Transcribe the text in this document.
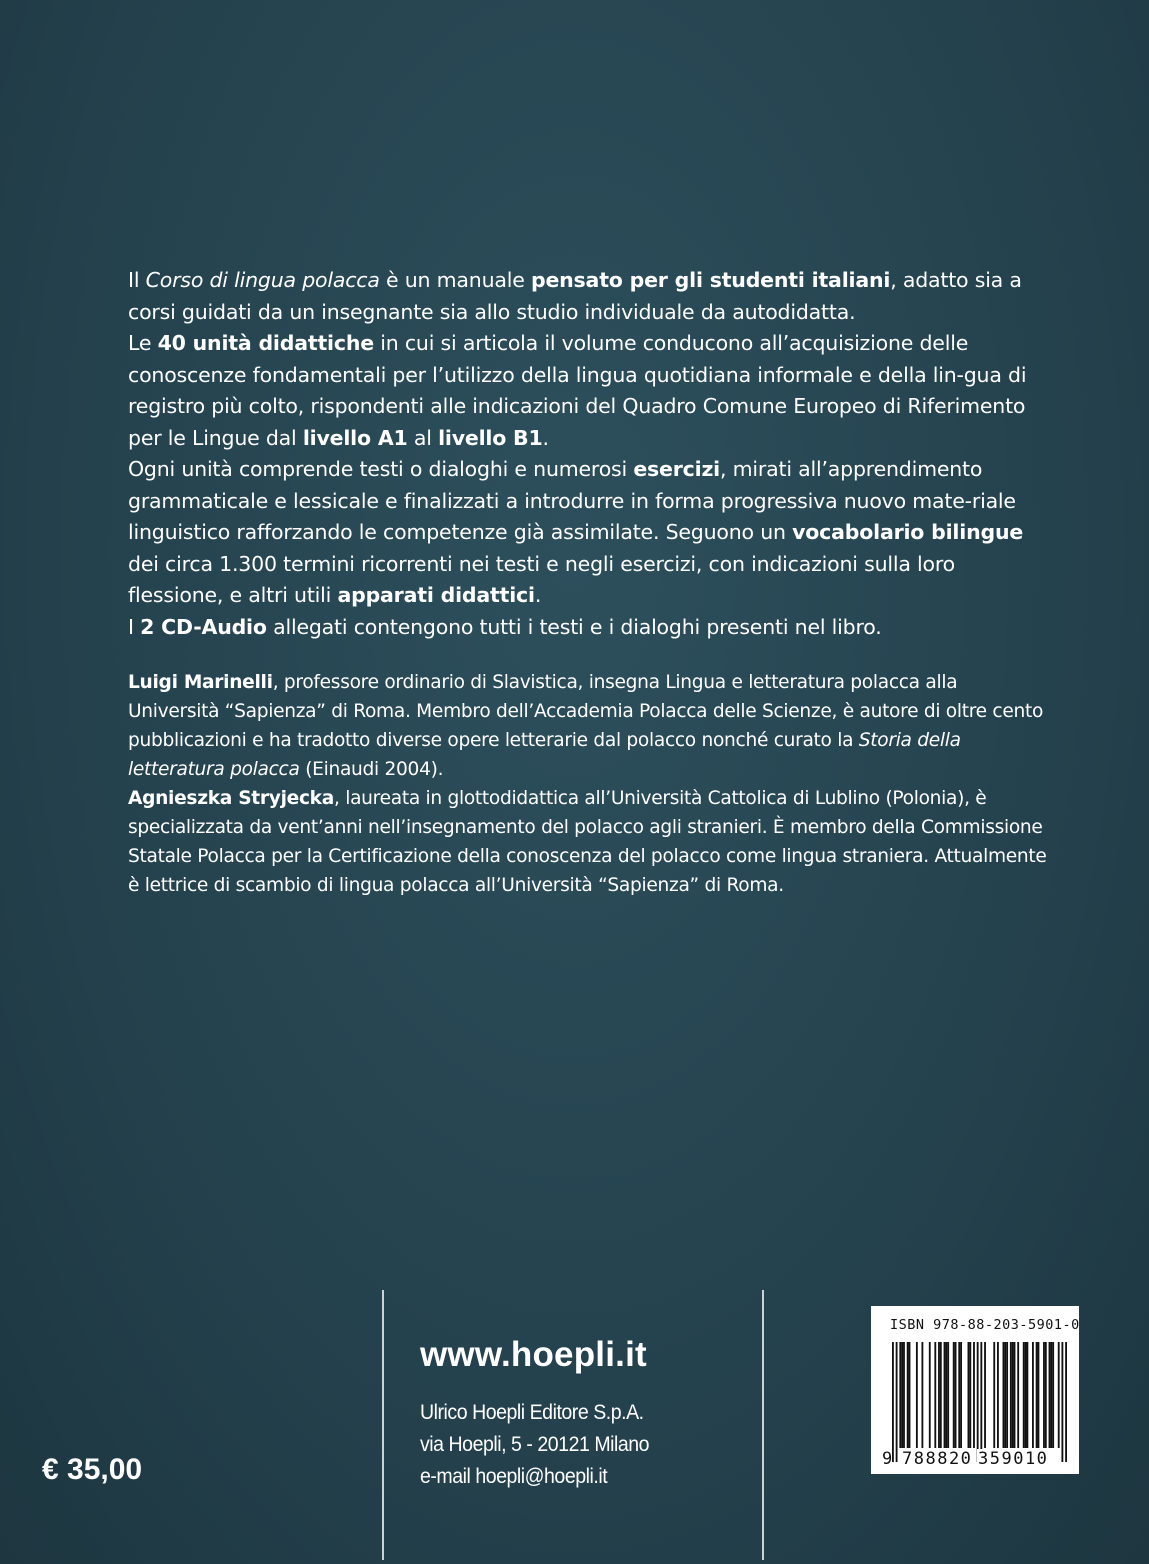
Il Corso di lingua polacca è un manuale pensato per gli studenti italiani, adatto sia a corsi guidati da un insegnante sia allo studio individuale da autodidatta.

Le 40 unità didattiche in cui si articola il volume conducono all’acquisizione delle conoscenze fondamentali per l’utilizzo della lingua quotidiana informale e della lin-gua di registro più colto, rispondenti alle indicazioni del Quadro Comune Europeo di Riferimento per le Lingue dal livello A1 al livello B1.

Ogni unità comprende testi o dialoghi e numerosi esercizi, mirati all’apprendimento grammaticale e lessicale e finalizzati a introdurre in forma progressiva nuovo mate-riale linguistico rafforzando le competenze già assimilate. Seguono un vocabolario bilingue dei circa 1.300 termini ricorrenti nei testi e negli esercizi, con indicazioni sulla loro flessione, e altri utili apparati didattici.

I 2 CD-Audio allegati contengono tutti i testi e i dialoghi presenti nel libro.

Luigi Marinelli, professore ordinario di Slavistica, insegna Lingua e letteratura polacca alla Università “Sapienza” di Roma. Membro dell’Accademia Polacca delle Scienze, è autore di oltre cento pubblicazioni e ha tradotto diverse opere letterarie dal polacco nonché curato la Storia della letteratura polacca (Einaudi 2004).

Agnieszka Stryjecka, laureata in glottodidattica all’Università Cattolica di Lublino (Polonia), è specializzata da vent’anni nell’insegnamento del polacco agli stranieri. È membro della Commissione Statale Polacca per la Certificazione della conoscenza del polacco come lingua straniera. Attualmente è lettrice di scambio di lingua polacca all’Università “Sapienza” di Roma.

www.hoepli.it
Ulrico Hoepli Editore S.p.A.
via Hoepli, 5 - 20121 Milano
e-mail hoepli@hoepli.it
€ 35,00
ISBN 978-88-203-5901-0
9 788820 359010
